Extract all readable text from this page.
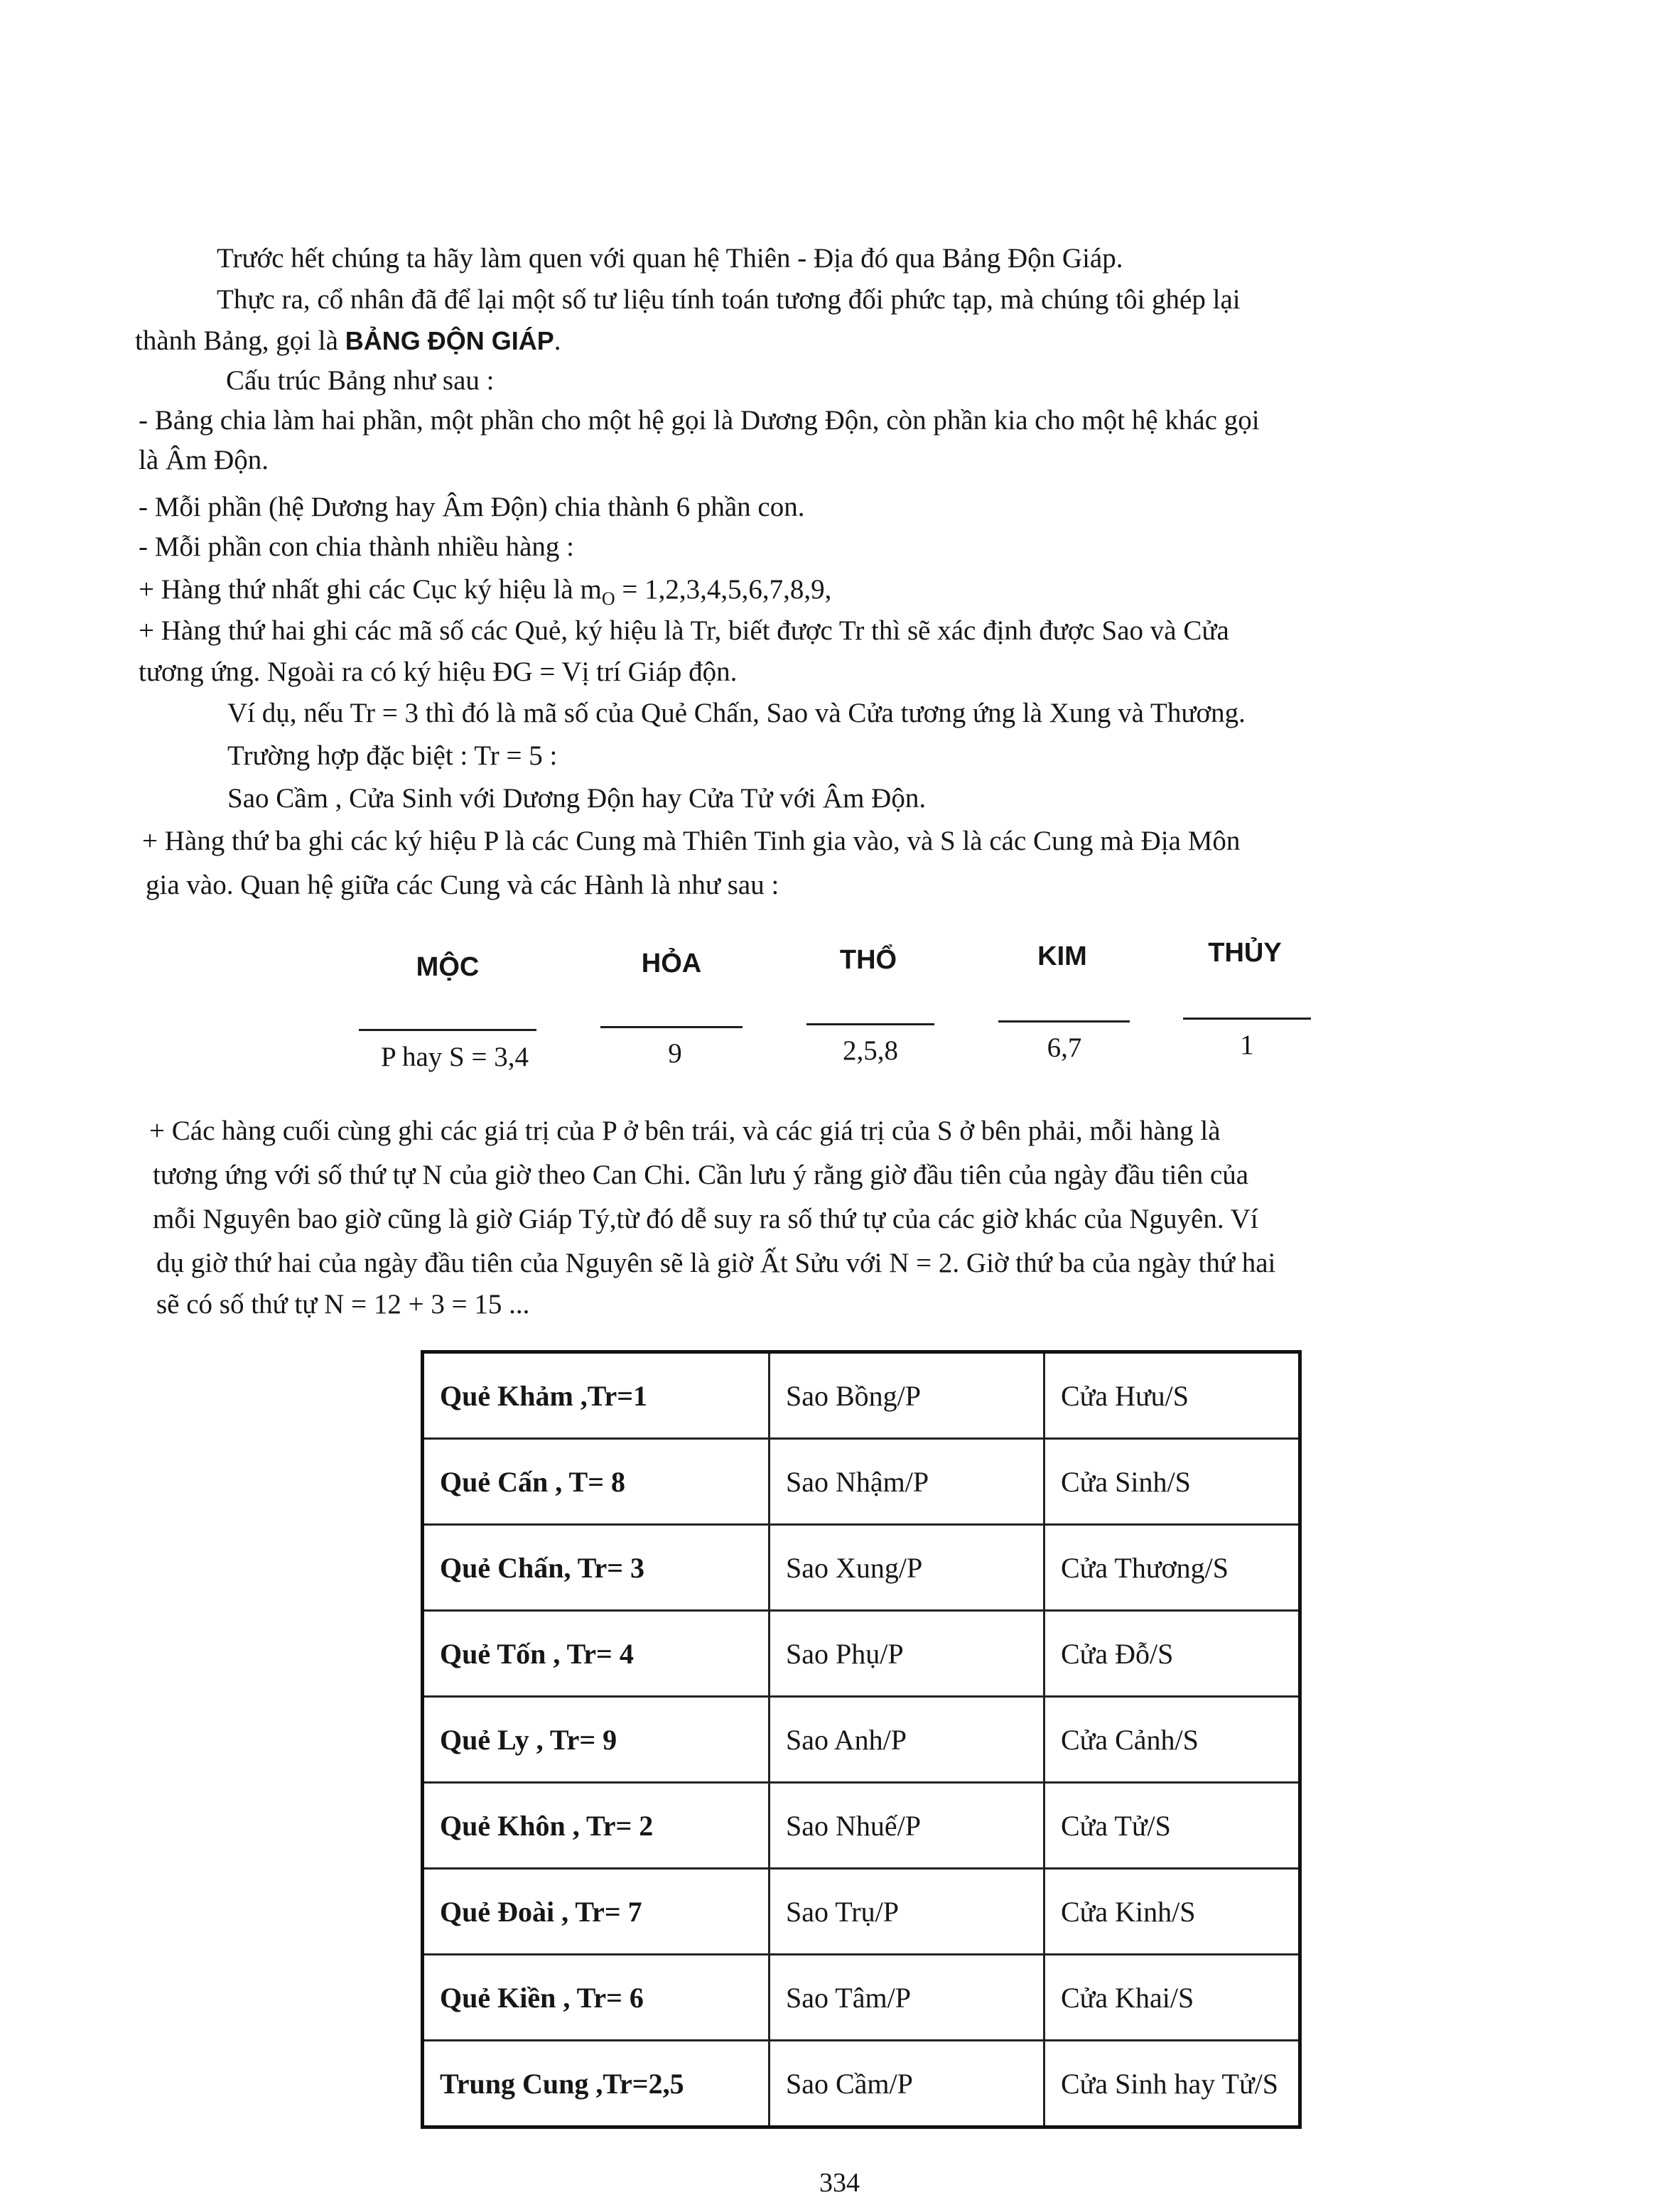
Trước hết chúng ta hãy làm quen với quan hệ Thiên - Địa đó qua Bảng Độn Giáp.
Thực ra, cổ nhân đã để lại một số tư liệu tính toán tương đối phức tạp, mà chúng tôi ghép lại
thành Bảng, gọi là BẢNG ĐỘN GIÁP.
Cấu trúc Bảng như sau :
- Bảng chia làm hai phần, một phần cho một hệ gọi là Dương Độn, còn phần kia cho một hệ khác gọi
là Âm Độn.
- Mỗi phần (hệ Dương hay Âm Độn) chia thành 6 phần con.
- Mỗi phần con chia thành nhiều hàng :
+ Hàng thứ nhất ghi các Cục ký hiệu là $m_O = 1,2,3,4,5,6,7,8,9$,
+ Hàng thứ hai ghi các mã số các Quẻ, ký hiệu là Tr, biết được Tr thì sẽ xác định được Sao và Cửa
tương ứng. Ngoài ra có ký hiệu ĐG = Vị trí Giáp độn.
Ví dụ, nếu Tr = 3 thì đó là mã số của Quẻ Chấn, Sao và Cửa tương ứng là Xung và Thương.
Trường hợp đặc biệt : Tr = 5 :
Sao Cầm , Cửa Sinh với Dương Độn hay Cửa Tử với Âm Độn.
+ Hàng thứ ba ghi các ký hiệu P là các Cung mà Thiên Tinh gia vào, và S là các Cung mà Địa Môn
gia vào. Quan hệ giữa các Cung và các Hành là như sau :
MỘC	HỎA	THỔ	KIM	THỦY
P hay S = 3,4	9	2,5,8	6,7	1
+ Các hàng cuối cùng ghi các giá trị của P ở bên trái, và các giá trị của S ở bên phải, mỗi hàng là
tương ứng với số thứ tự N của giờ theo Can Chi. Cần lưu ý rằng giờ đầu tiên của ngày đầu tiên của
mỗi Nguyên bao giờ cũng là giờ Giáp Tý,từ đó dễ suy ra số thứ tự của các giờ khác của Nguyên. Ví
dụ giờ thứ hai của ngày đầu tiên của Nguyên sẽ là giờ Ất Sửu với N = 2. Giờ thứ ba của ngày thứ hai
sẽ có số thứ tự N = 12 + 3 = 15 ...
Quẻ Khảm ,Tr=1	Sao Bồng/P	Cửa Hưu/S
Quẻ Cấn , T= 8	Sao Nhậm/P	Cửa Sinh/S
Quẻ Chấn, Tr= 3	Sao Xung/P	Cửa Thương/S
Quẻ Tốn , Tr= 4	Sao Phụ/P	Cửa Đỗ/S
Quẻ Ly , Tr= 9	Sao Anh/P	Cửa Cảnh/S
Quẻ Khôn , Tr= 2	Sao Nhuế/P	Cửa Tử/S
Quẻ Đoài , Tr= 7	Sao Trụ/P	Cửa Kinh/S
Quẻ Kiền , Tr= 6	Sao Tâm/P	Cửa Khai/S
Trung Cung ,Tr=2,5	Sao Cầm/P	Cửa Sinh hay Tử/S
334
